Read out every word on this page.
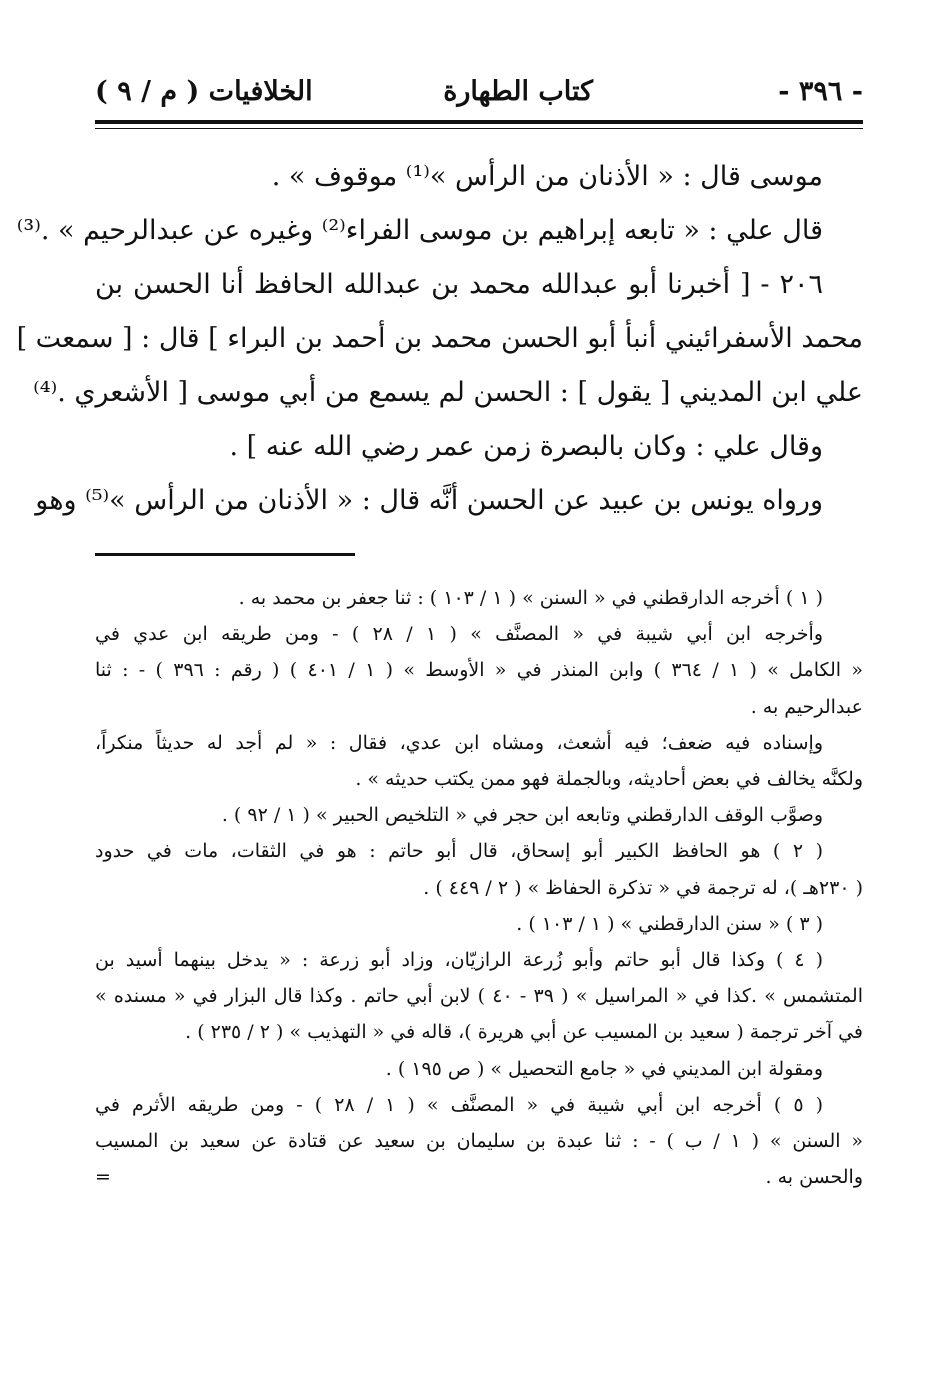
- ٣٩٦ -
كتاب الطهارة
الخلافيات ( م / ٩ )

موسى قال : « الأذنان من الرأس »⁽¹⁾ موقوف » .

قال علي : « تابعه إبراهيم بن موسى الفراء⁽²⁾ وغيره عن عبدالرحيم » .⁽³⁾

٢٠٦ - [ أخبرنا أبو عبدالله محمد بن عبدالله الحافظ أنا الحسن بن

محمد الأسفرائيني أنبأ أبو الحسن محمد بن أحمد بن البراء ] قال : [ سمعت ]

علي ابن المديني [ يقول ] : الحسن لم يسمع من أبي موسى [ الأشعري .⁽⁴⁾

وقال علي : وكان بالبصرة زمن عمر رضي الله عنه ] .

ورواه يونس بن عبيد عن الحسن أنَّه قال : « الأذنان من الرأس »⁽⁵⁾ وهو

( ١ ) أخرجه الدارقطني في « السنن » ( ١ / ١٠٣ ) : ثنا جعفر بن محمد به .

وأخرجه ابن أبي شيبة في « المصنَّف » ( ١ / ٢٨ ) - ومن طريقه ابن عدي في

« الكامل » ( ١ / ٣٦٤ ) وابن المنذر في « الأوسط » ( ١ / ٤٠١ ) ( رقم : ٣٩٦ ) - : ثنا

عبدالرحيم به .

وإسناده فيه ضعف؛ فيه أشعث، ومشاه ابن عدي، فقال : « لم أجد له حديثاً منكراً،

ولكنَّه يخالف في بعض أحاديثه، وبالجملة فهو ممن يكتب حديثه » .

وصوَّب الوقف الدارقطني وتابعه ابن حجر في « التلخيص الحبير » ( ١ / ٩٢ ) .

( ٢ ) هو الحافظ الكبير أبو إسحاق، قال أبو حاتم : هو في الثقات، مات في حدود

( ٢٣٠هـ )، له ترجمة في « تذكرة الحفاظ » ( ٢ / ٤٤٩ ) .

( ٣ ) « سنن الدارقطني » ( ١ / ١٠٣ ) .

( ٤ ) وكذا قال أبو حاتم وأبو زُرعة الرازيّان، وزاد أبو زرعة : « يدخل بينهما أسيد بن

المتشمس » .كذا في « المراسيل » ( ٣٩ - ٤٠ ) لابن أبي حاتم . وكذا قال البزار في « مسنده »

في آخر ترجمة ( سعيد بن المسيب عن أبي هريرة )، قاله في « التهذيب » ( ٢ / ٢٣٥ ) .

ومقولة ابن المديني في « جامع التحصيل » ( ص ١٩٥ ) .

( ٥ ) أخرجه ابن أبي شيبة في « المصنَّف » ( ١ / ٢٨ ) - ومن طريقه الأثرم في

« السنن » ( ١ / ب ) - : ثنا عبدة بن سليمان بن سعيد عن قتادة عن سعيد بن المسيب

والحسن به .
=
